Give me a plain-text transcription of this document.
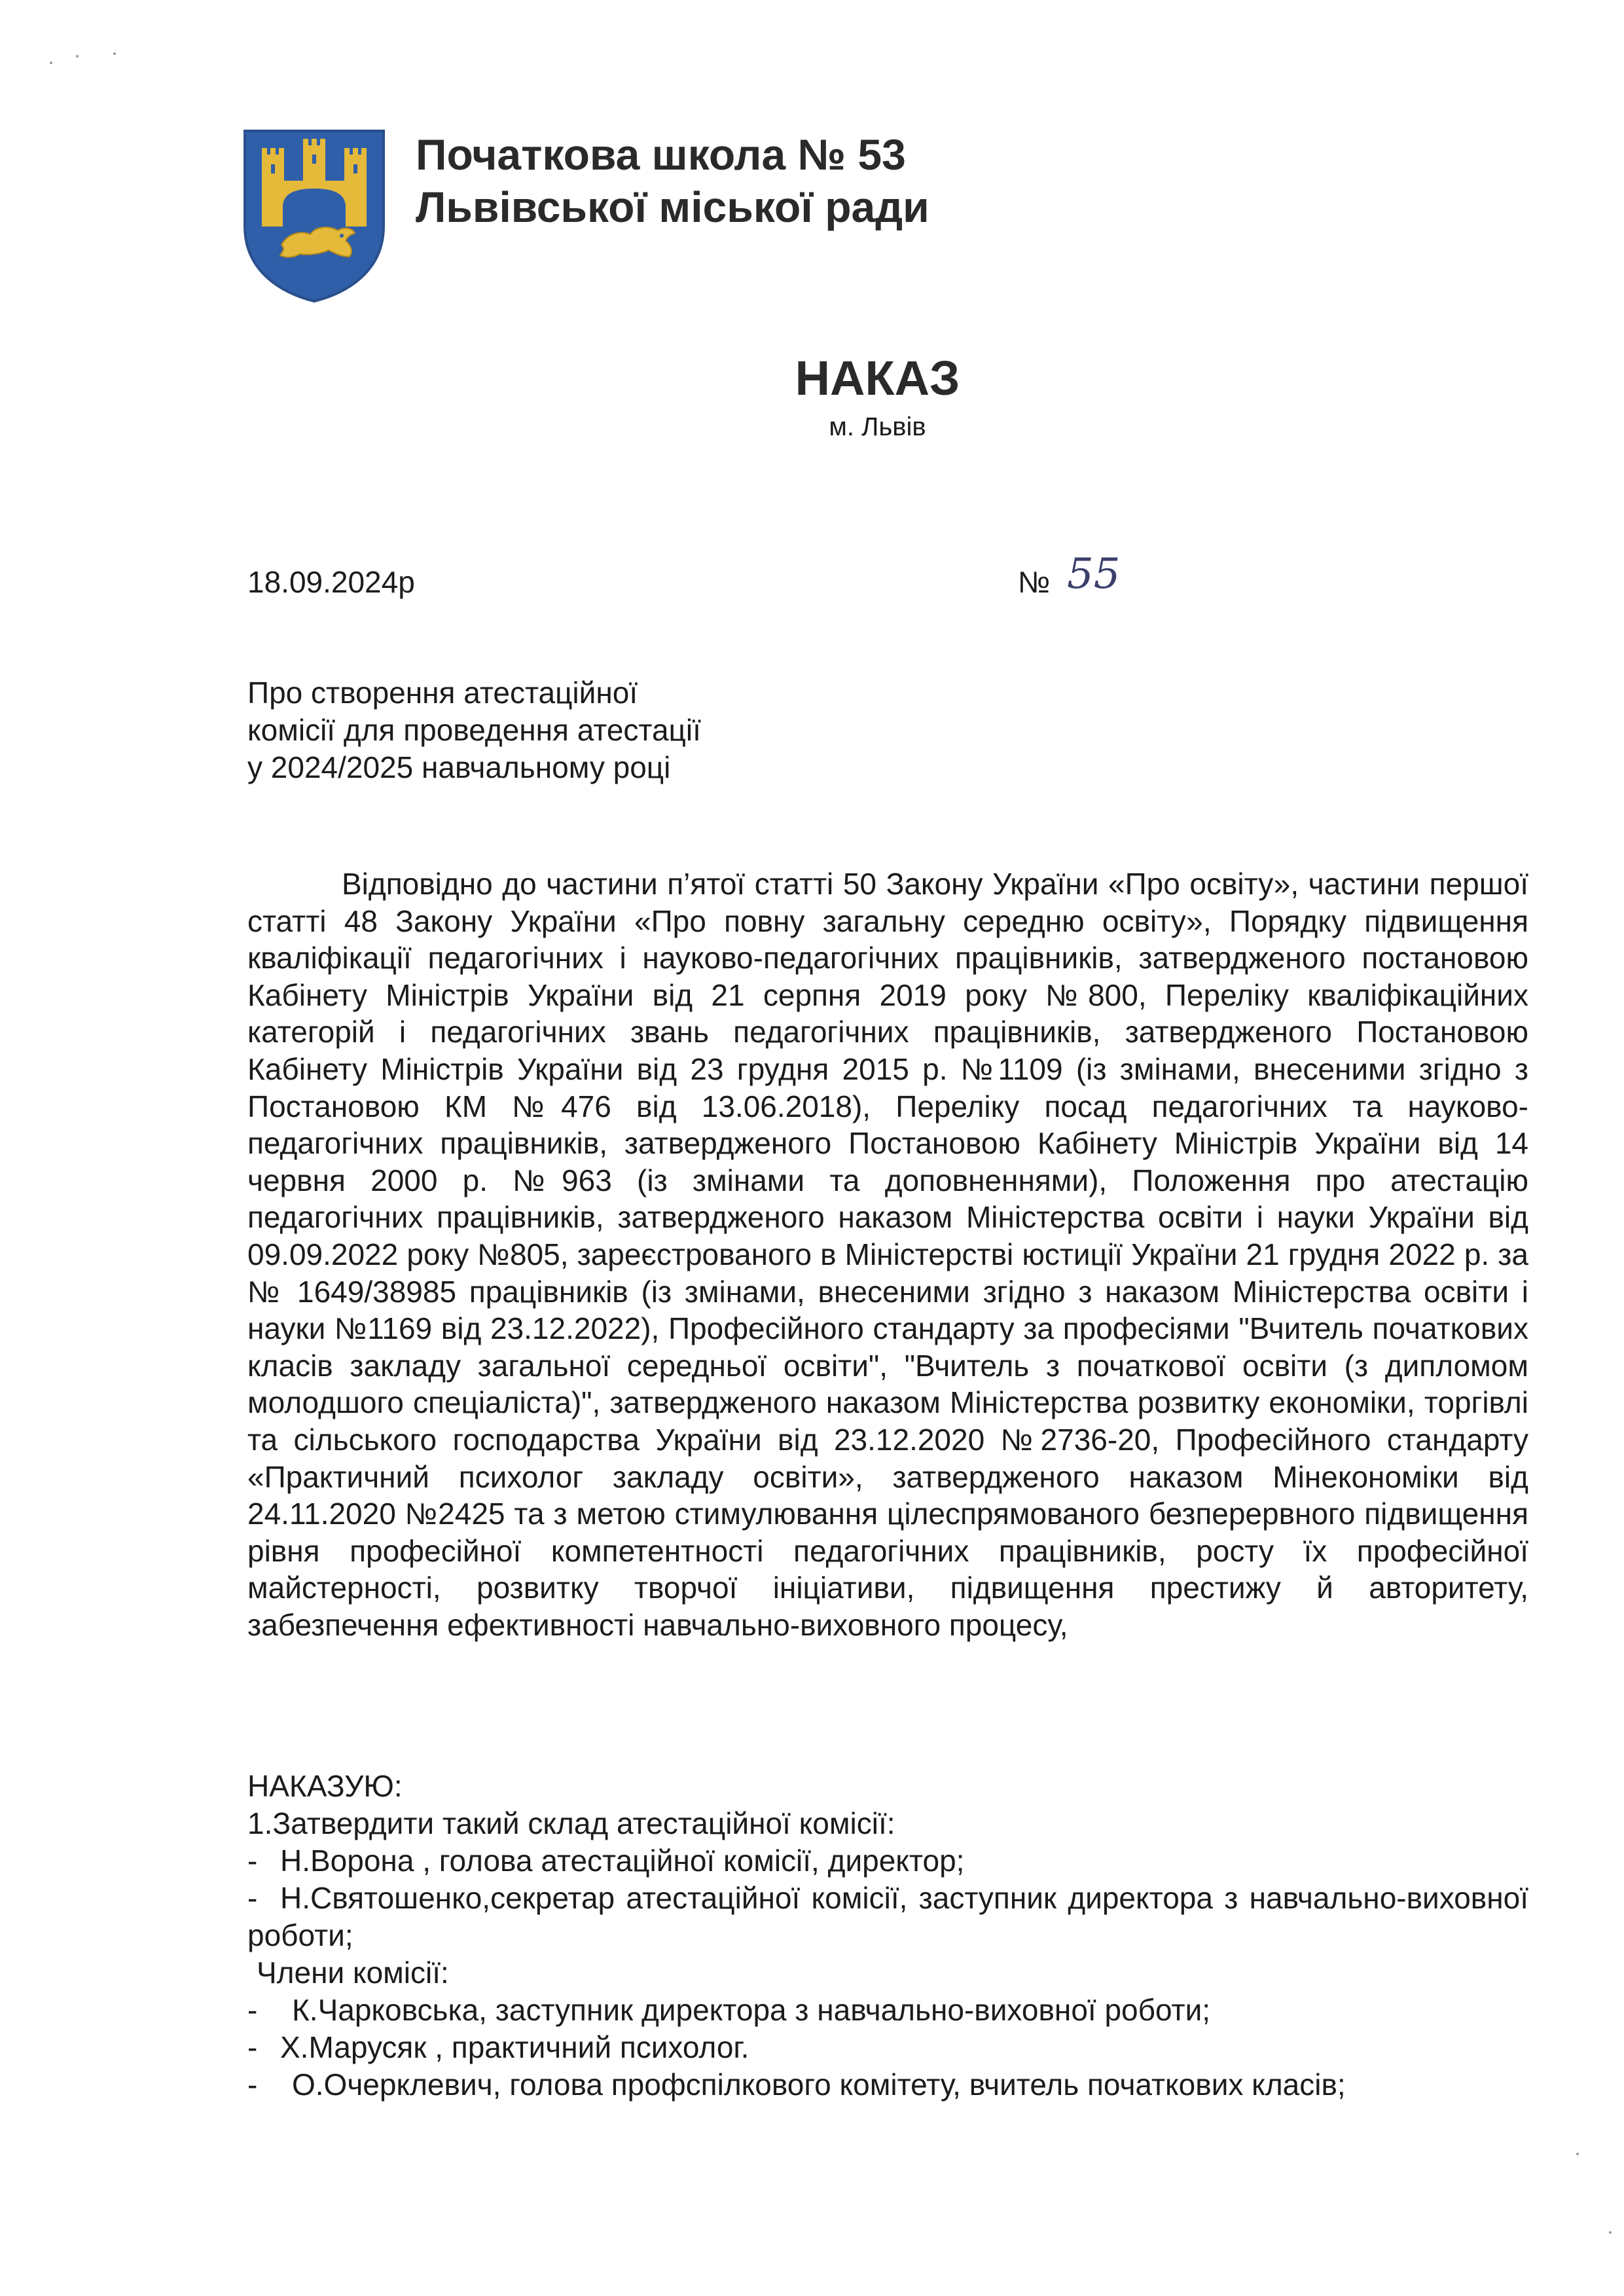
Початкова школа № 53
Львівської міської ради
НАКАЗ
м. Львів
18.09.2024р	№ 55
Про створення атестаційної
комісії для проведення атестації
у 2024/2025 навчальному році

Відповідно до частини п’ятої статті 50 Закону України «Про освіту», частини першої статті 48 Закону України «Про повну загальну середню освіту», Порядку підвищення кваліфікації педагогічних і науково-педагогічних працівників, затвердженого постановою Кабінету Міністрів України від 21 серпня 2019 року №800, Переліку кваліфікаційних категорій і педагогічних звань педагогічних працівників, затвердженого Постановою Кабінету Міністрів України від 23 грудня 2015 р. №1109 (із змінами, внесеними згідно з Постановою КМ №476 від 13.06.2018), Переліку посад педагогічних та науково-педагогічних працівників, затвердженого Постановою Кабінету Міністрів України від 14 червня 2000 р. №963 (із змінами та доповненнями), Положення про атестацію педагогічних працівників, затвердженого наказом Міністерства освіти і науки України від 09.09.2022 року №805, зареєстрованого в Міністерстві юстиції України 21 грудня 2022 р. за № 1649/38985 працівників (із змінами, внесеними згідно з наказом Міністерства освіти і науки №1169 від 23.12.2022), Професійного стандарту за професіями "Вчитель початкових класів закладу загальної середньої освіти", "Вчитель з початкової освіти (з дипломом молодшого спеціаліста)", затвердженого наказом Міністерства розвитку економіки, торгівлі та сільського господарства України від 23.12.2020 №2736-20, Професійного стандарту «Практичний психолог закладу освіти», затвердженого наказом Мінекономіки від 24.11.2020 №2425 та з метою стимулювання цілеспрямованого безперервного підвищення рівня професійної компетентності педагогічних працівників, росту їх професійної майстерності, розвитку творчої ініціативи, підвищення престижу й авторитету, забезпечення ефективності навчально-виховного процесу,

НАКАЗУЮ:
1.Затвердити такий склад атестаційної комісії:
- Н.Ворона , голова атестаційної комісії, директор;
- Н.Святошенко,секретар атестаційної комісії, заступник директора з навчально-виховної роботи;
Члени комісії:
- К.Чарковська, заступник директора з навчально-виховної роботи;
- Х.Марусяк , практичний психолог.
- О.Очерклевич, голова профспілкового комітету, вчитель початкових класів;
